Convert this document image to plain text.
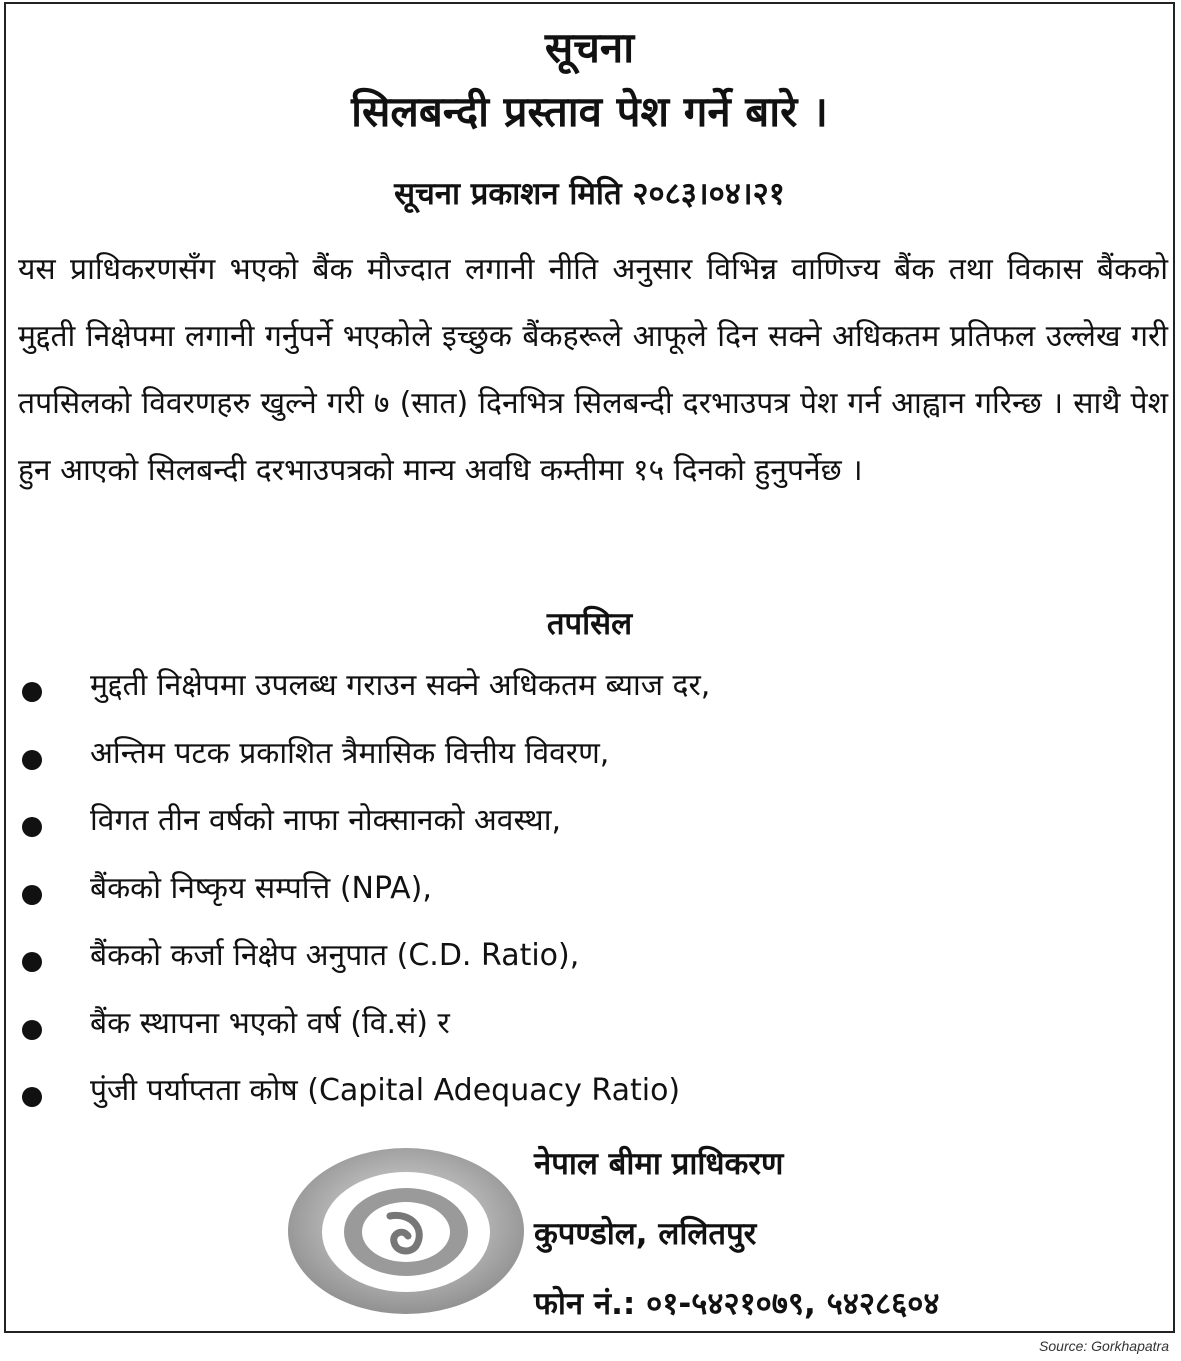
सूचना
सिलबन्दी प्रस्ताव पेश गर्ने बारे ।
सूचना प्रकाशन मिति २०८३।०४।२१

यस प्राधिकरणसँग भएको बैंक मौज्दात लगानी नीति अनुसार विभिन्न वाणिज्य बैंक तथा विकास बैंकको मुद्दती निक्षेपमा लगानी गर्नुपर्ने भएकोले इच्छुक बैंकहरूले आफूले दिन सक्ने अधिकतम प्रतिफल उल्लेख गरी तपसिलको विवरणहरु खुल्ने गरी ७ (सात) दिनभित्र सिलबन्दी दरभाउपत्र पेश गर्न आह्वान गरिन्छ । साथै पेश हुन आएको सिलबन्दी दरभाउपत्रको मान्य अवधि कम्तीमा १५ दिनको हुनुपर्नेछ ।

तपसिल
मुद्दती निक्षेपमा उपलब्ध गराउन सक्ने अधिकतम ब्याज दर,
अन्तिम पटक प्रकाशित त्रैमासिक वित्तीय विवरण,
विगत तीन वर्षको नाफा नोक्सानको अवस्था,
बैंकको निष्कृय सम्पत्ति (NPA),
बैंकको कर्जा निक्षेप अनुपात (C.D. Ratio),
बैंक स्थापना भएको वर्ष (वि.सं) र
पुंजी पर्याप्तता कोष (Capital Adequacy Ratio)

नेपाल बीमा प्राधिकरण

कुपण्डोल, ललितपुर

फोन नं.: ०१-५४२१०७९, ५४२८६०४

Source: Gorkhapatra
